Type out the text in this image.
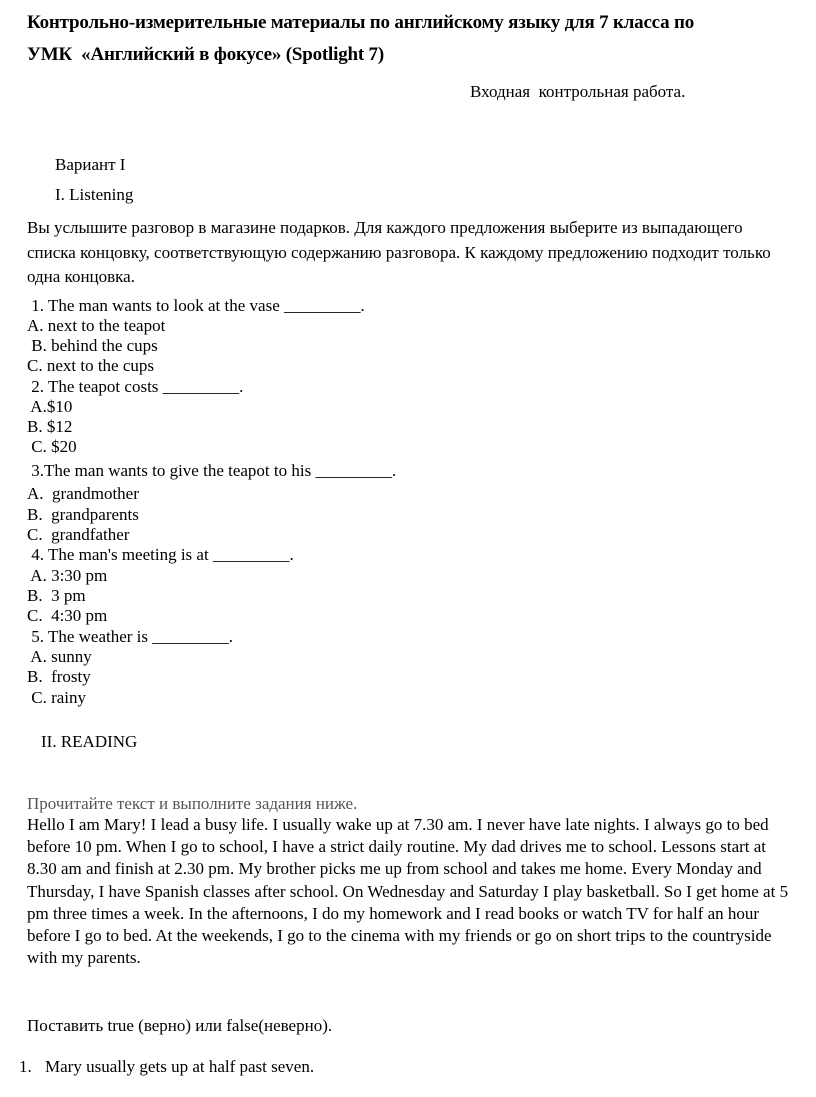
Контрольно-измерительные материалы по английскому языку для 7 класса по
УМК  «Английский в фокусе» (Spotlight 7)
Входная  контрольная работа.
Вариант I
I. Listening
Вы услышите разговор в магазине подарков. Для каждого предложения выберите из выпадающего списка концовку, соответствующую содержанию разговора. К каждому предложению подходит только одна концовка.
1. The man wants to look at the vase _________.
A. next to the teapot
B. behind the cups
C. next to the cups
2. The teapot costs _________.
A.$10
B. $12
C. $20
3.The man wants to give the teapot to his _________.
A.  grandmother
B.  grandparents
C.  grandfather
4. The man's meeting is at _________.
A. 3:30 pm
B.  3 pm
C.  4:30 pm
5. The weather is _________.
A. sunny
B.  frosty
C. rainy
II. READING
Прочитайте текст и выполните задания ниже.
Hello I am Mary! I lead a busy life. I usually wake up at 7.30 am. I never have late nights. I always go to bed before 10 pm. When I go to school, I have a strict daily routine. My dad drives me to school. Lessons start at 8.30 am and finish at 2.30 pm. My brother picks me up from school and takes me home. Every Monday and Thursday, I have Spanish classes after school. On Wednesday and Saturday I play basketball. So I get home at 5 pm three times a week. In the afternoons, I do my homework and I read books or watch TV for half an hour before I go to bed. At the weekends, I go to the cinema with my friends or go on short trips to the countryside with my parents.
Поставить true (верно) или false(неверно).

1. Mary usually gets up at half past seven.
